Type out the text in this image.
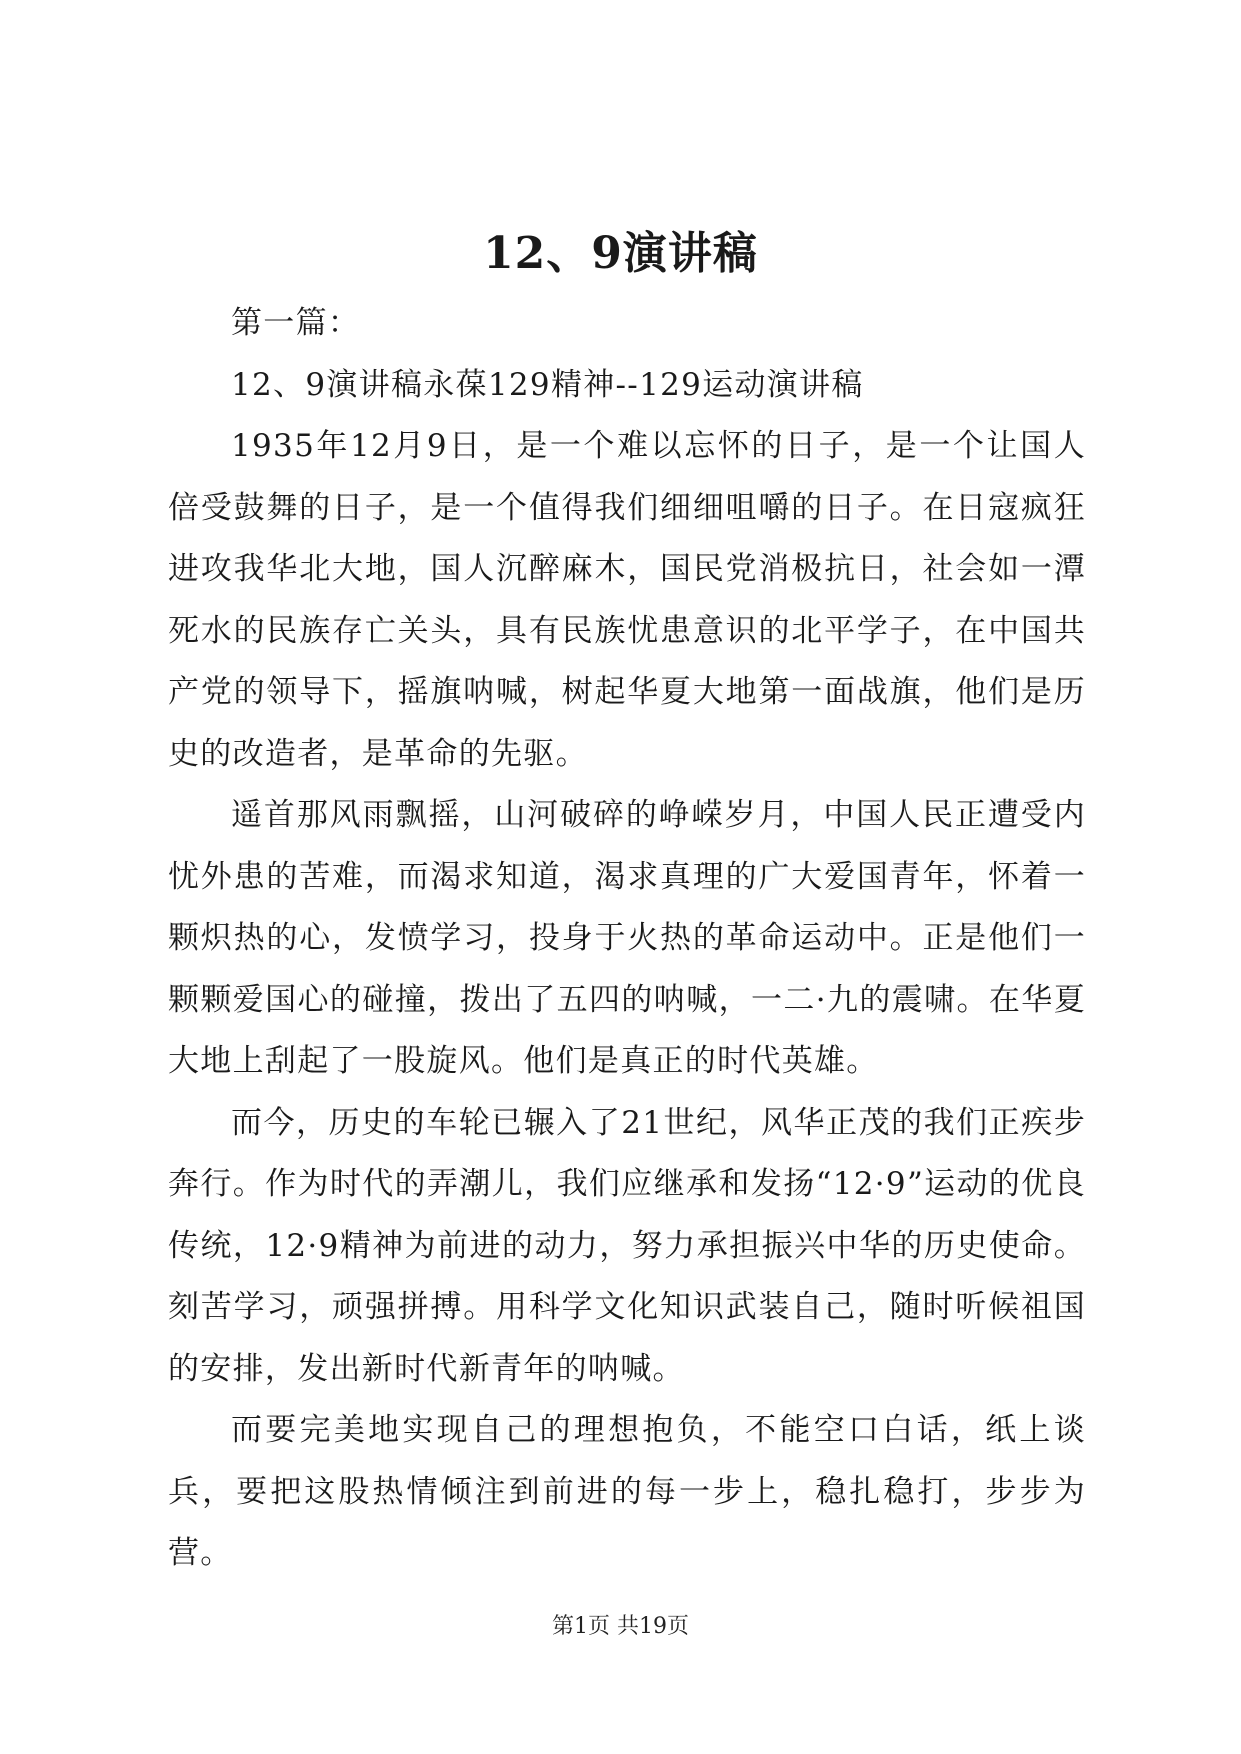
12、9演讲稿

第一篇：

12、9演讲稿永葆129精神--129运动演讲稿

1935年12月9日，是一个难以忘怀的日子，是一个让国人倍受鼓舞的日子，是一个值得我们细细咀嚼的日子。在日寇疯狂进攻我华北大地，国人沉醉麻木，国民党消极抗日，社会如一潭死水的民族存亡关头，具有民族忧患意识的北平学子，在中国共产党的领导下，摇旗呐喊，树起华夏大地第一面战旗，他们是历史的改造者，是革命的先驱。

遥首那风雨飘摇，山河破碎的峥嵘岁月，中国人民正遭受内忧外患的苦难，而渴求知道，渴求真理的广大爱国青年，怀着一颗炽热的心，发愤学习，投身于火热的革命运动中。正是他们一颗颗爱国心的碰撞，拨出了五四的呐喊，一二·九的震啸。在华夏大地上刮起了一股旋风。他们是真正的时代英雄。

而今，历史的车轮已辗入了21世纪，风华正茂的我们正疾步奔行。作为时代的弄潮儿，我们应继承和发扬“12·9”运动的优良传统，12·9精神为前进的动力，努力承担振兴中华的历史使命。刻苦学习，顽强拼搏。用科学文化知识武装自己，随时听候祖国的安排，发出新时代新青年的呐喊。

而要完美地实现自己的理想抱负，不能空口白话，纸上谈兵，要把这股热情倾注到前进的每一步上，稳扎稳打，步步为营。

第1页 共19页
